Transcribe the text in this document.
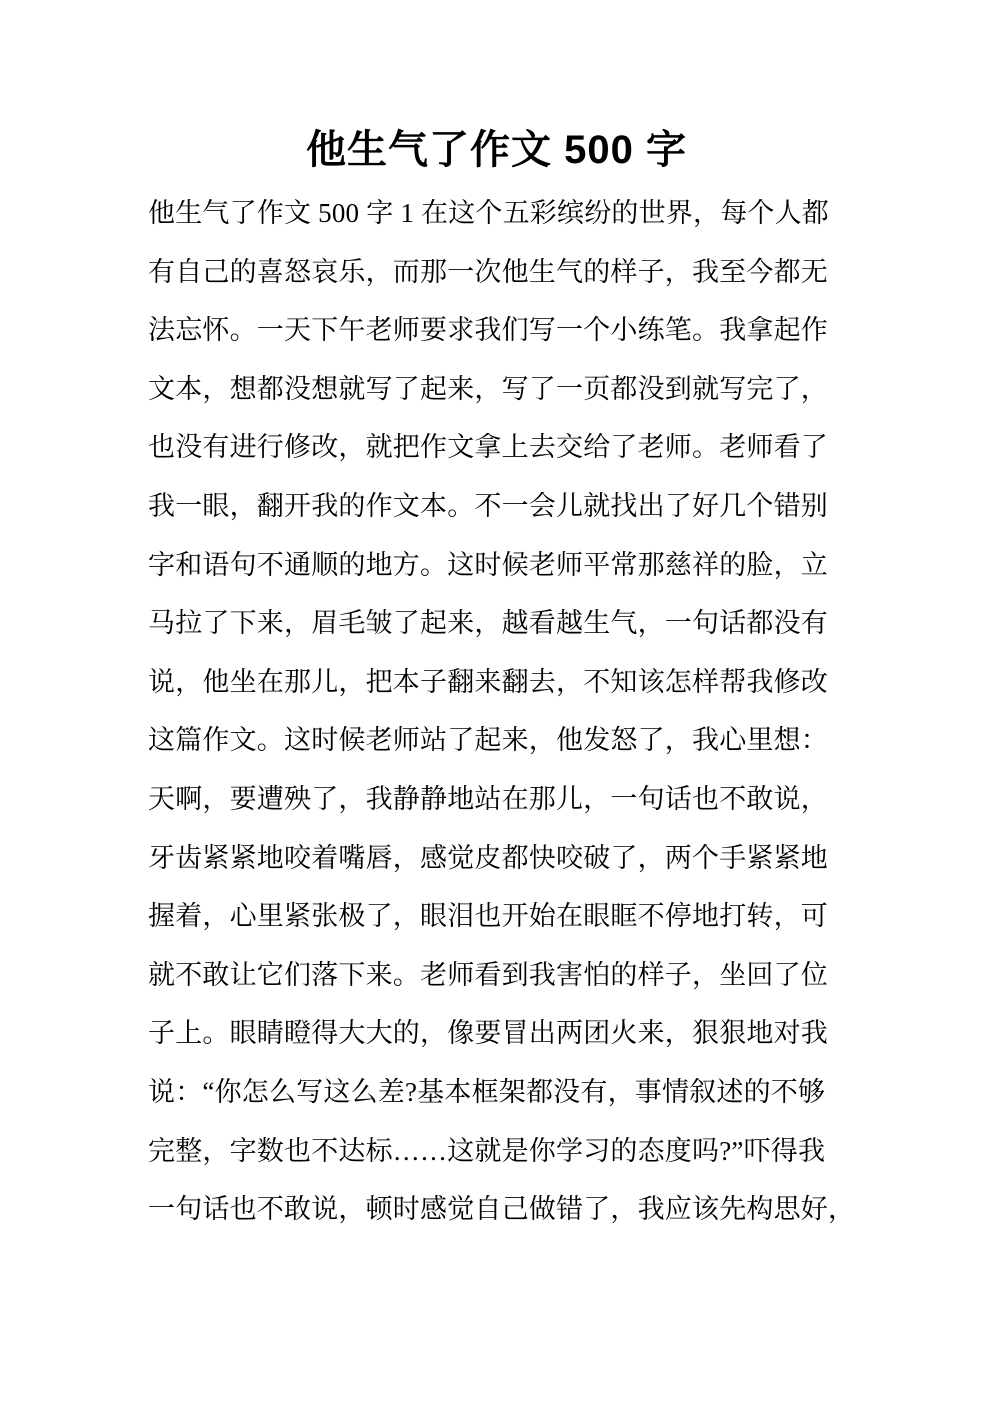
他生气了作文 500 字
他生气了作文 500 字 1 在这个五彩缤纷的世界，每个人都
有自己的喜怒哀乐，而那一次他生气的样子，我至今都无
法忘怀。一天下午老师要求我们写一个小练笔。我拿起作
文本，想都没想就写了起来，写了一页都没到就写完了，
也没有进行修改，就把作文拿上去交给了老师。老师看了
我一眼，翻开我的作文本。不一会儿就找出了好几个错别
字和语句不通顺的地方。这时候老师平常那慈祥的脸，立
马拉了下来，眉毛皱了起来，越看越生气，一句话都没有
说，他坐在那儿，把本子翻来翻去，不知该怎样帮我修改
这篇作文。这时候老师站了起来，他发怒了，我心里想：
天啊，要遭殃了，我静静地站在那儿，一句话也不敢说，
牙齿紧紧地咬着嘴唇，感觉皮都快咬破了，两个手紧紧地
握着，心里紧张极了，眼泪也开始在眼眶不停地打转，可
就不敢让它们落下来。老师看到我害怕的样子，坐回了位
子上。眼睛瞪得大大的，像要冒出两团火来，狠狠地对我
说：“你怎么写这么差?基本框架都没有，事情叙述的不够
完整，字数也不达标……这就是你学习的态度吗?”吓得我
一句话也不敢说，顿时感觉自己做错了，我应该先构思好，
